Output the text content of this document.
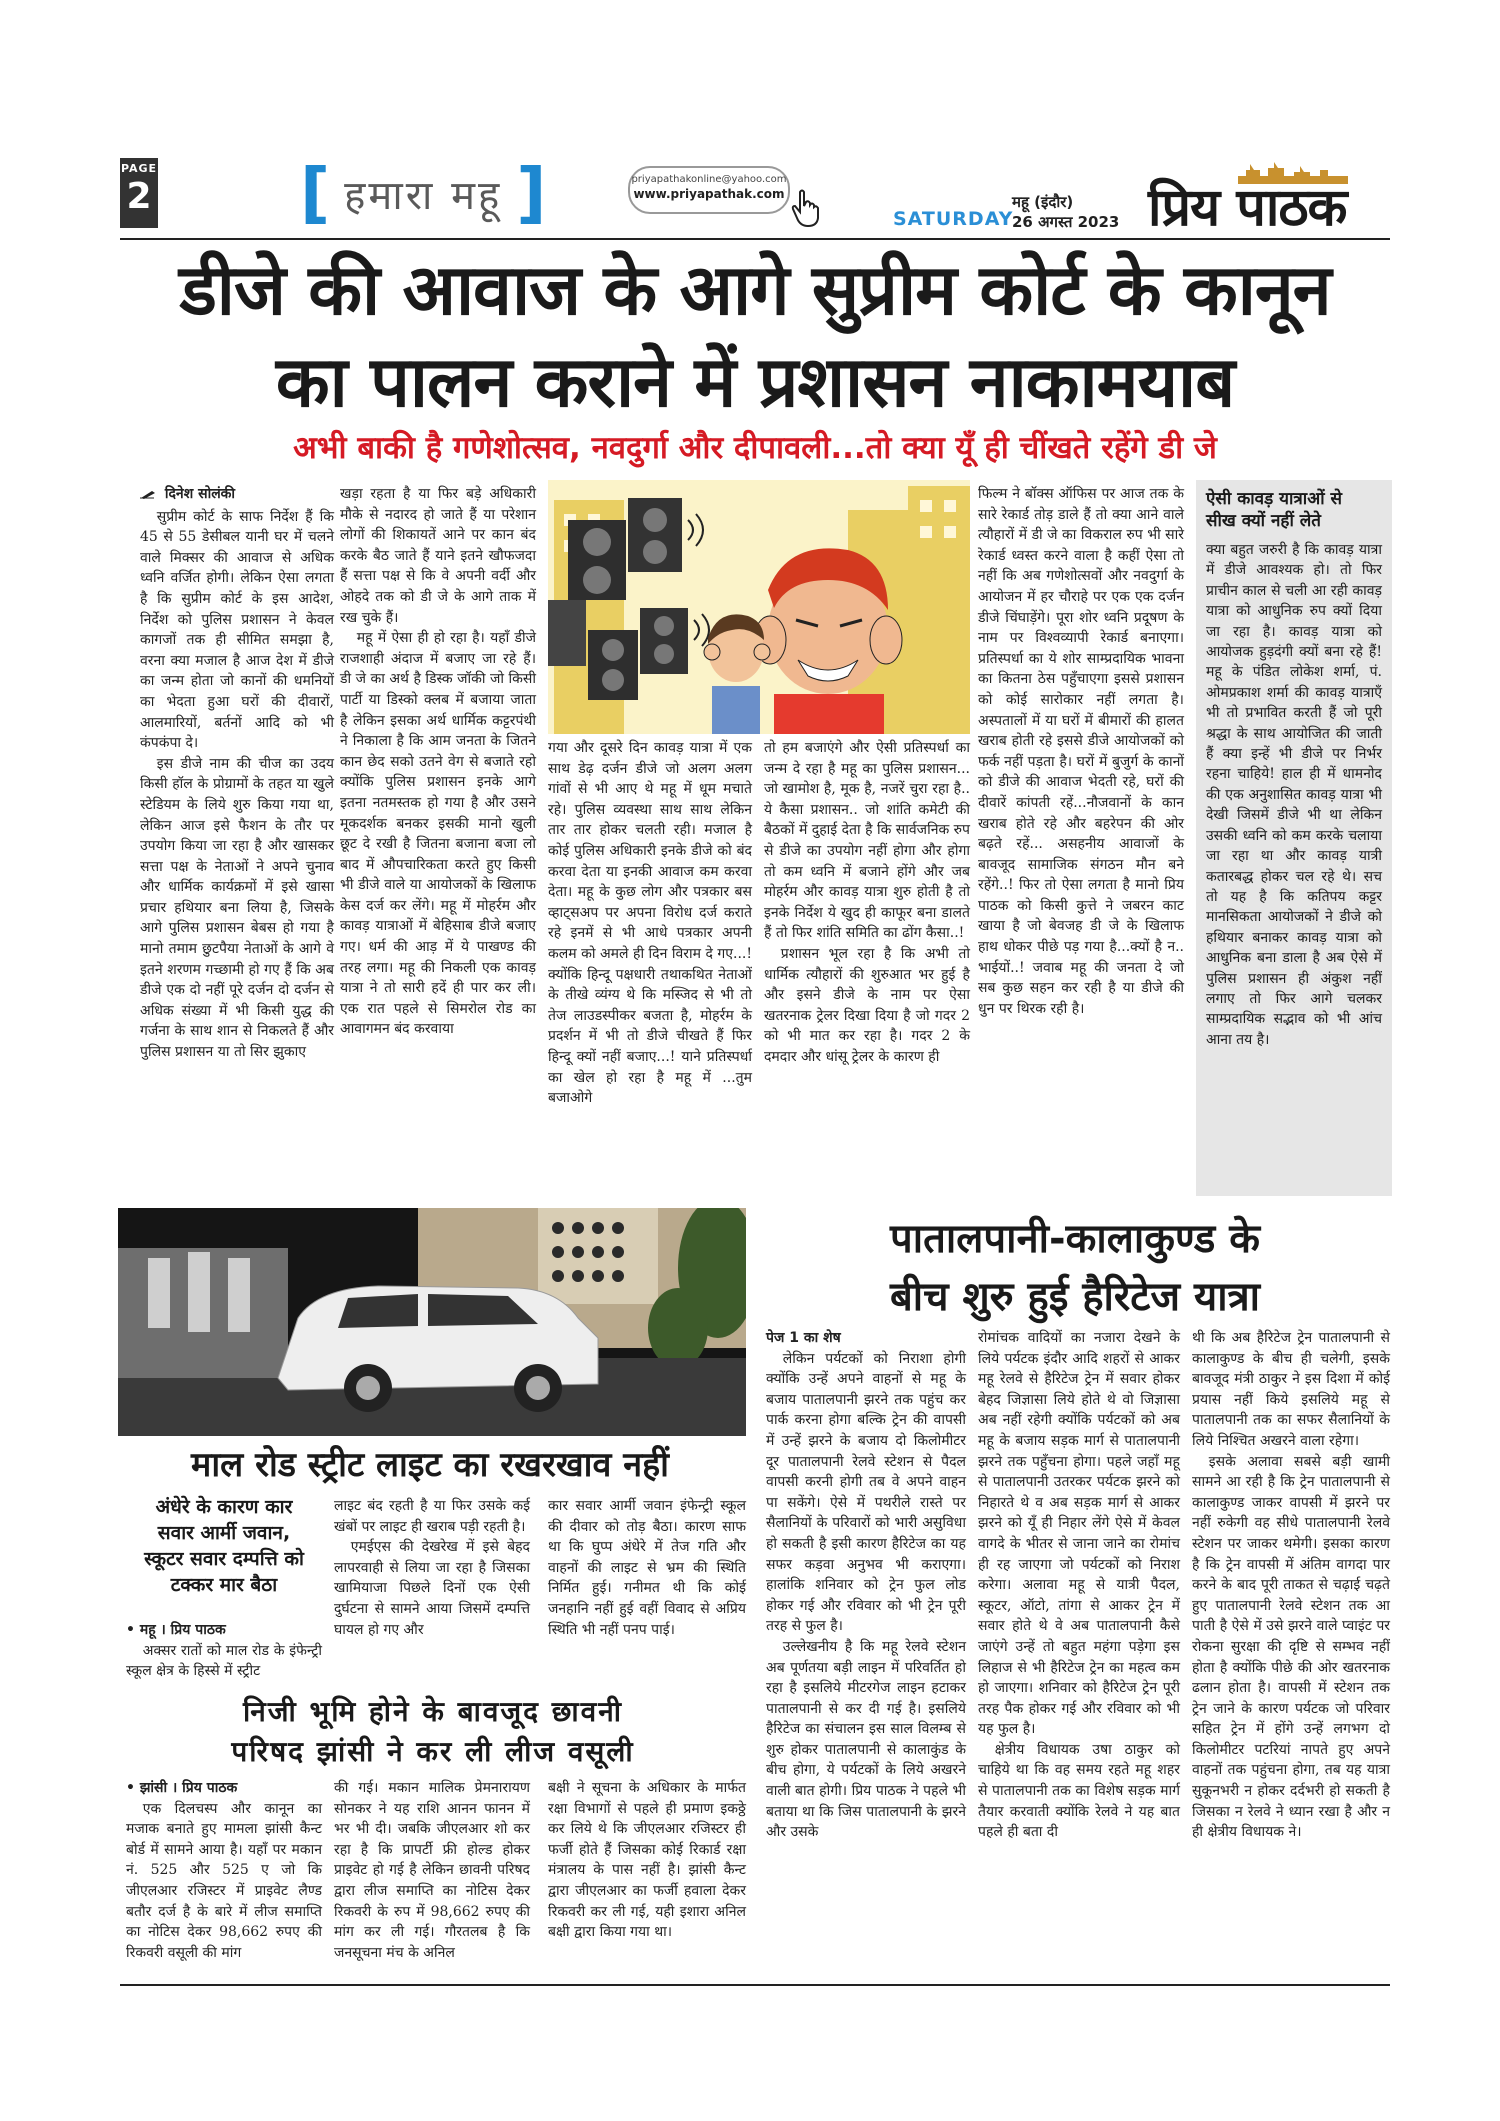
PAGE
2 [ हमारा महू ]	priyapathakonline@yahoo.com
www.priyapathak.com
SATURDAY
महू (इंदौर)
26 अगस्त 2023 प्रिय पाठक
डीजे की आवाज के आगे सुप्रीम कोर्ट के कानून
का पालन कराने में प्रशासन नाकामयाब
अभी बाकी है गणेशोत्सव, नवदुर्गा और दीपावली...तो क्या यूँ ही चींखते रहेंगे डी जे
दिनेश सोलंकी

सुप्रीम कोर्ट के साफ निर्देश हैं कि 45 से 55 डेसीबल यानी घर में चलने वाले मिक्सर की आवाज से अधिक ध्वनि वर्जित होगी। लेकिन ऐसा लगता है कि सुप्रीम कोर्ट के इस आदेश, निर्देश को पुलिस प्रशासन ने केवल कागजों तक ही सीमित समझा है, वरना क्या मजाल है आज देश में डीजे का जन्म होता जो कानों की धमनियों का भेदता हुआ घरों की दीवारों, आलमारियों, बर्तनों आदि को भी कंपकंपा दे।

इस डीजे नाम की चीज का उदय किसी हॉल के प्रोग्रामों के तहत या खुले स्टेडियम के लिये शुरु किया गया था, लेकिन आज इसे फैशन के तौर पर उपयोग किया जा रहा है और खासकर सत्ता पक्ष के नेताओं ने अपने चुनाव और धार्मिक कार्यक्रमों में इसे खासा प्रचार हथियार बना लिया है, जिसके आगे पुलिस प्रशासन बेबस हो गया है मानो तमाम छुटपैया नेताओं के आगे वे इतने शरणम गच्छामी हो गए हैं कि अब डीजे एक दो नहीं पूरे दर्जन दो दर्जन से अधिक संख्या में भी किसी युद्ध की गर्जना के साथ शान से निकलते हैं और पुलिस प्रशासन या तो सिर झुकाए

खड़ा रहता है या फिर बड़े अधिकारी मौके से नदारद हो जाते हैं या परेशान लोगों की शिकायतें आने पर कान बंद करके बैठ जाते हैं याने इतने खौफजदा हैं सत्ता पक्ष से कि वे अपनी वर्दी और ओहदे तक को डी जे के आगे ताक में रख चुके हैं।

महू में ऐसा ही हो रहा है। यहाँ डीजे राजशाही अंदाज में बजाए जा रहे हैं। डी जे का अर्थ है डिस्क जॉकी जो किसी पार्टी या डिस्को क्लब में बजाया जाता है लेकिन इसका अर्थ धार्मिक कट्टरपंथी ने निकाला है कि आम जनता के जितने कान छेद सको उतने वेग से बजाते रहो क्योंकि पुलिस प्रशासन इनके आगे इतना नतमस्तक हो गया है और उसने मूकदर्शक बनकर इसकी मानो खुली छूट दे रखी है जितना बजाना बजा लो बाद में औपचारिकता करते हुए किसी भी डीजे वाले या आयोजकों के खिलाफ केस दर्ज कर लेंगे। महू में मोहर्रम और कावड़ यात्राओं में बेहिसाब डीजे बजाए गए। धर्म की आड़ में ये पाखण्ड की तरह लगा। महू की निकली एक कावड़ यात्रा ने तो सारी हदें ही पार कर ली। एक रात पहले से सिमरोल रोड का आवागमन बंद करवाया

गया और दूसरे दिन कावड़ यात्रा में एक साथ डेढ़ दर्जन डीजे जो अलग अलग गांवों से भी आए थे महू में धूम मचाते रहे। पुलिस व्यवस्था साथ साथ लेकिन तार तार होकर चलती रही। मजाल है कोई पुलिस अधिकारी इनके डीजे को बंद करवा देता या इनकी आवाज कम करवा देता। महू के कुछ लोग और पत्रकार बस व्हाट्सअप पर अपना विरोध दर्ज कराते रहे इनमें से भी आधे पत्रकार अपनी कलम को अमले ही दिन विराम दे गए...! क्योंकि हिन्दू पक्षधारी तथाकथित नेताओं के तीखे व्यंग्य थे कि मस्जिद से भी तो तेज लाउडस्पीकर बजता है, मोहर्रम के प्रदर्शन में भी तो डीजे चीखते हैं फिर हिन्दू क्यों नहीं बजाए...! याने प्रतिस्पर्धा का खेल हो रहा है महू में ...तुम बजाओगे

तो हम बजाएंगे और ऐसी प्रतिस्पर्धा का जन्म दे रहा है महू का पुलिस प्रशासन... जो खामोश है, मूक है, नजरें चुरा रहा है.. ये कैसा प्रशासन.. जो शांति कमेटी की बैठकों में दुहाई देता है कि सार्वजनिक रुप से डीजे का उपयोग नहीं होगा और होगा तो कम ध्वनि में बजाने होंगे और जब मोहर्रम और कावड़ यात्रा शुरु होती है तो इनके निर्देश ये खुद ही काफूर बना डालते हैं तो फिर शांति समिति का ढोंग कैसा..!

प्रशासन भूल रहा है कि अभी तो धार्मिक त्यौहारों की शुरुआत भर हुई है और इसने डीजे के नाम पर ऐसा खतरनाक ट्रेलर दिखा दिया है जो गदर 2 को भी मात कर रहा है। गदर 2 के दमदार और धांसू ट्रेलर के कारण ही

फिल्म ने बॉक्स ऑफिस पर आज तक के सारे रेकार्ड तोड़ डाले हैं तो क्या आने वाले त्यौहारों में डी जे का विकराल रुप भी सारे रेकार्ड ध्वस्त करने वाला है कहीं ऐसा तो नहीं कि अब गणेशोत्सवों और नवदुर्गा के आयोजन में हर चौराहे पर एक एक दर्जन डीजे चिंघाड़ेंगे। पूरा शोर ध्वनि प्रदूषण के नाम पर विश्वव्यापी रेकार्ड बनाएगा। प्रतिस्पर्धा का ये शोर साम्प्रदायिक भावना का कितना ठेस पहुँचाएगा इससे प्रशासन को कोई सारोकार नहीं लगता है। अस्पतालों में या घरों में बीमारों की हालत खराब होती रहे इससे डीजे आयोजकों को फर्क नहीं पड़ता है। घरों में बुजुर्ग के कानों को डीजे की आवाज भेदती रहे, घरों की दीवारें कांपती रहें...नौजवानों के कान खराब होते रहे और बहरेपन की ओर बढ़ते रहें... असहनीय आवाजों के बावजूद सामाजिक संगठन मौन बने रहेंगे..! फिर तो ऐसा लगता है मानो प्रिय पाठक को किसी कुत्ते ने जबरन काट खाया है जो बेवजह डी जे के खिलाफ हाथ धोकर पीछे पड़ गया है...क्यों है न.. भाईयों..! जवाब महू की जनता दे जो सब कुछ सहन कर रही है या डीजे की धुन पर थिरक रही है।

ऐसी कावड़ यात्राओं से
सीख क्यों नहीं लेते
क्या बहुत जरुरी है कि कावड़ यात्रा में डीजे आवश्यक हो। तो फिर प्राचीन काल से चली आ रही कावड़ यात्रा को आधुनिक रुप क्यों दिया जा रहा है। कावड़ यात्रा को आयोजक हुड़दंगी क्यों बना रहे हैं! महू के पंडित लोकेश शर्मा, पं. ओमप्रकाश शर्मा की कावड़ यात्राएँ भी तो प्रभावित करती हैं जो पूरी श्रद्धा के साथ आयोजित की जाती हैं क्या इन्हें भी डीजे पर निर्भर रहना चाहिये! हाल ही में धामनोद की एक अनुशासित कावड़ यात्रा भी देखी जिसमें डीजे भी था लेकिन उसकी ध्वनि को कम करके चलाया जा रहा था और कावड़ यात्री कतारबद्ध होकर चल रहे थे। सच तो यह है कि कतिपय कट्टर मानसिकता आयोजकों ने डीजे को हथियार बनाकर कावड़ यात्रा को आधुनिक बना डाला है अब ऐसे में पुलिस प्रशासन ही अंकुश नहीं लगाए तो फिर आगे चलकर साम्प्रदायिक सद्भाव को भी आंच आना तय है।
पातालपानी-कालाकुण्ड के
बीच शुरु हुई हैरिटेज यात्रा
पेज 1 का शेष

लेकिन पर्यटकों को निराशा होगी क्योंकि उन्हें अपने वाहनों से महू के बजाय पातालपानी झरने तक पहुंच कर पार्क करना होगा बल्कि ट्रेन की वापसी में उन्हें झरने के बजाय दो किलोमीटर दूर पातालपानी रेलवे स्टेशन से पैदल वापसी करनी होगी तब वे अपने वाहन पा सकेंगे। ऐसे में पथरीले रास्ते पर सैलानियों के परिवारों को भारी असुविधा हो सकती है इसी कारण हैरिटेज का यह सफर कड़वा अनुभव भी कराएगा। हालांकि शनिवार को ट्रेन फुल लोड होकर गई और रविवार को भी ट्रेन पूरी तरह से फुल है।

उल्लेखनीय है कि महू रेलवे स्टेशन अब पूर्णतया बड़ी लाइन में परिवर्तित हो रहा है इसलिये मीटरगेज लाइन हटाकर पातालपानी से कर दी गई है। इसलिये हैरिटेज का संचालन इस साल विलम्ब से शुरु होकर पातालपानी से कालाकुंड के बीच होगा, ये पर्यटकों के लिये अखरने वाली बात होगी। प्रिय पाठक ने पहले भी बताया था कि जिस पातालपानी के झरने और उसके

रोमांचक वादियों का नजारा देखने के लिये पर्यटक इंदौर आदि शहरों से आकर महू रेलवे से हैरिटेज ट्रेन में सवार होकर बेहद जिज्ञासा लिये होते थे वो जिज्ञासा अब नहीं रहेगी क्योंकि पर्यटकों को अब महू के बजाय सड़क मार्ग से पातालपानी झरने तक पहुँचना होगा। पहले जहाँ महू से पातालपानी उतरकर पर्यटक झरने को निहारते थे व अब सड़क मार्ग से आकर झरने को यूँ ही निहार लेंगे ऐसे में केवल वागदे के भीतर से जाना जाने का रोमांच ही रह जाएगा जो पर्यटकों को निराश करेगा। अलावा महू से यात्री पैदल, स्कूटर, ऑटो, तांगा से आकर ट्रेन में सवार होते थे वे अब पातालपानी कैसे जाएंगे उन्हें तो बहुत महंगा पड़ेगा इस लिहाज से भी हैरिटेज ट्रेन का महत्व कम हो जाएगा। शनिवार को हैरिटेज ट्रेन पूरी तरह पैक होकर गई और रविवार को भी यह फुल है।

क्षेत्रीय विधायक उषा ठाकुर को चाहिये था कि वह समय रहते महू शहर से पातालपानी तक का विशेष सड़क मार्ग तैयार करवाती क्योंकि रेलवे ने यह बात पहले ही बता दी

थी कि अब हैरिटेज ट्रेन पातालपानी से कालाकुण्ड के बीच ही चलेगी, इसके बावजूद मंत्री ठाकुर ने इस दिशा में कोई प्रयास नहीं किये इसलिये महू से पातालपानी तक का सफर सैलानियों के लिये निश्चित अखरने वाला रहेगा।

इसके अलावा सबसे बड़ी खामी सामने आ रही है कि ट्रेन पातालपानी से कालाकुण्ड जाकर वापसी में झरने पर नहीं रुकेगी वह सीधे पातालपानी रेलवे स्टेशन पर जाकर थमेगी। इसका कारण है कि ट्रेन वापसी में अंतिम वागदा पार करने के बाद पूरी ताकत से चढ़ाई चढ़ते हुए पातालपानी रेलवे स्टेशन तक आ पाती है ऐसे में उसे झरने वाले प्वाइंट पर रोकना सुरक्षा की दृष्टि से सम्भव नहीं होता है क्योंकि पीछे की ओर खतरनाक ढलान होता है। वापसी में स्टेशन तक ट्रेन जाने के कारण पर्यटक जो परिवार सहित ट्रेन में होंगे उन्हें लगभग दो किलोमीटर पटरियां नापते हुए अपने वाहनों तक पहुंचना होगा, तब यह यात्रा सुकूनभरी न होकर दर्दभरी हो सकती है जिसका न रेलवे ने ध्यान रखा है और न ही क्षेत्रीय विधायक ने।

माल रोड स्ट्रीट लाइट का रखरखाव नहीं
अंधेरे के कारण कार
सवार आर्मी जवान,
स्कूटर सवार दम्पत्ति को
टक्कर मार बैठा
• महू । प्रिय पाठक

अक्सर रातों को माल रोड के इंफेन्ट्री स्कूल क्षेत्र के हिस्से में स्ट्रीट

लाइट बंद रहती है या फिर उसके कई खंबों पर लाइट ही खराब पड़ी रहती है।

एमईएस की देखरेख में इसे बेहद लापरवाही से लिया जा रहा है जिसका खामियाजा पिछले दिनों एक ऐसी दुर्घटना से सामने आया जिसमें दम्पत्ति घायल हो गए और

कार सवार आर्मी जवान इंफेन्ट्री स्कूल की दीवार को तोड़ बैठा। कारण साफ था कि घुप्प अंधेरे में तेज गति और वाहनों की लाइट से भ्रम की स्थिति निर्मित हुई। गनीमत थी कि कोई जनहानि नहीं हुई वहीं विवाद से अप्रिय स्थिति भी नहीं पनप पाई।

निजी भूमि होने के बावजूद छावनी
परिषद झांसी ने कर ली लीज वसूली
• झांसी । प्रिय पाठक

एक दिलचस्प और कानून का मजाक बनाते हुए मामला झांसी कैन्ट बोर्ड में सामने आया है। यहाँ पर मकान नं. 525 और 525 ए जो कि जीएलआर रजिस्टर में प्राइवेट लैण्ड बतौर दर्ज है के बारे में लीज समाप्ति का नोटिस देकर 98,662 रुपए की रिकवरी वसूली की मांग

की गई। मकान मालिक प्रेमनारायण सोनकर ने यह राशि आनन फानन में भर भी दी। जबकि जीएलआर शो कर रहा है कि प्रापर्टी फ्री होल्ड होकर प्राइवेट हो गई है लेकिन छावनी परिषद द्वारा लीज समाप्ति का नोटिस देकर रिकवरी के रुप में 98,662 रुपए की मांग कर ली गई। गौरतलब है कि जनसूचना मंच के अनिल

बक्षी ने सूचना के अधिकार के मार्फत रक्षा विभागों से पहले ही प्रमाण इकठ्ठे कर लिये थे कि जीएलआर रजिस्टर ही फर्जी होते हैं जिसका कोई रिकार्ड रक्षा मंत्रालय के पास नहीं है। झांसी कैन्ट द्वारा जीएलआर का फर्जी हवाला देकर रिकवरी कर ली गई, यही इशारा अनिल बक्षी द्वारा किया गया था।
